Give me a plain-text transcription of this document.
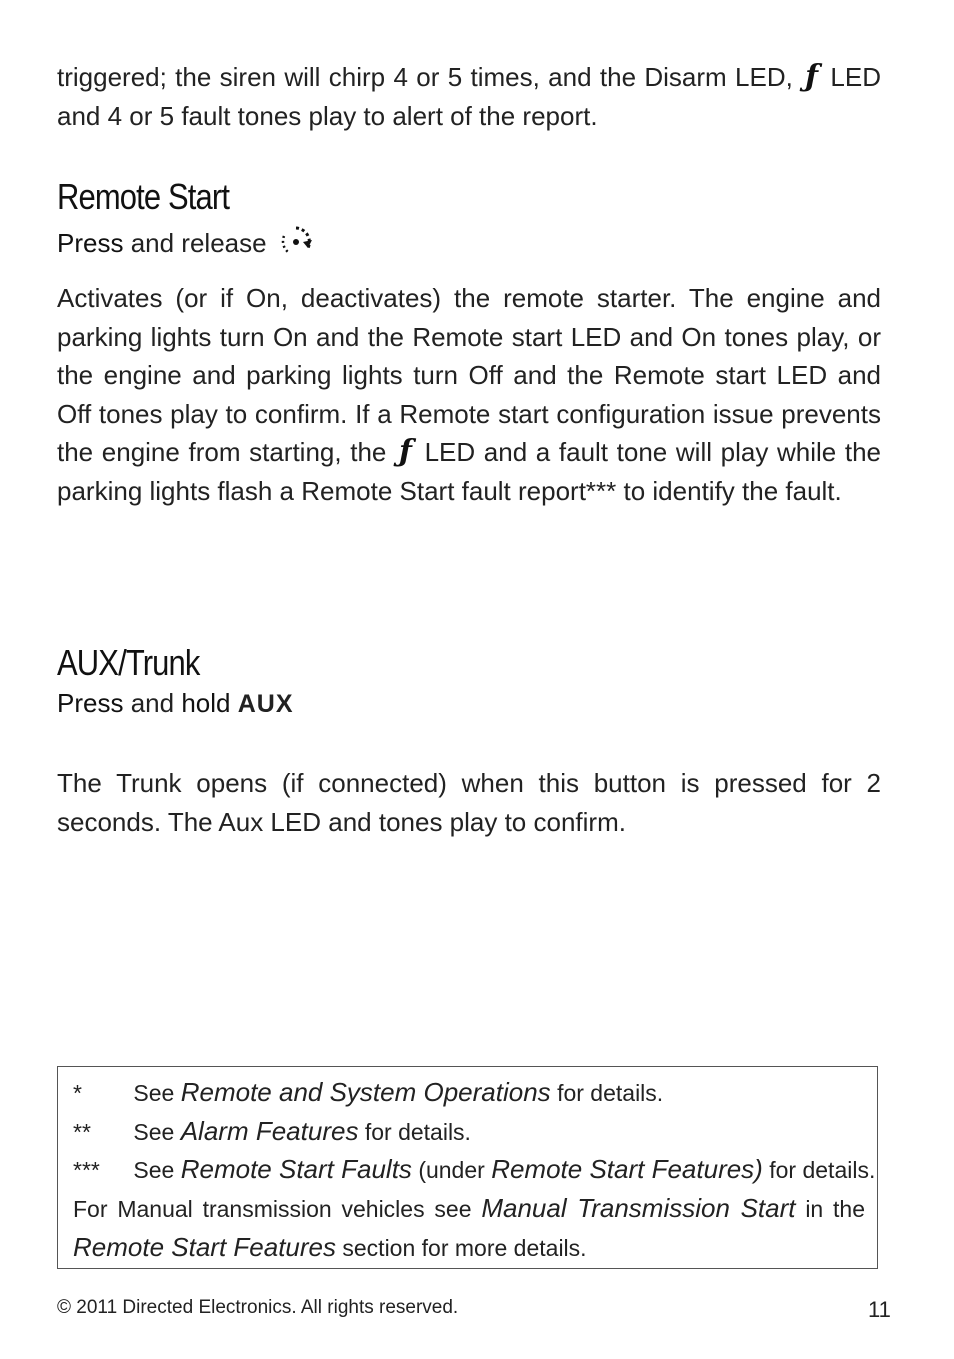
triggered; the siren will chirp 4 or 5 times, and the Disarm LED, ƒ LED and 4 or 5 fault tones play to alert of the report.

Remote Start

Press and release

Activates (or if On, deactivates) the remote starter. The engine and parking lights turn On and the Remote start LED and On tones play, or the engine and parking lights turn Off and the Remote start LED and Off tones play to confirm. If a Remote start configuration issue prevents the engine from starting, the ƒ LED and a fault tone will play while the parking lights flash a Remote Start fault report*** to identify the fault.

AUX/Trunk

Press and hold AUX

The Trunk opens (if connected) when this button is pressed for 2 seconds. The Aux LED and tones play to confirm.

* See Remote and System Operations for details.
** See Alarm Features for details.
*** See Remote Start Faults (under Remote Start Features) for details.
For Manual transmission vehicles see Manual Transmission Start in the Remote Start Features section for more details.
© 2011 Directed Electronics. All rights reserved.	11
